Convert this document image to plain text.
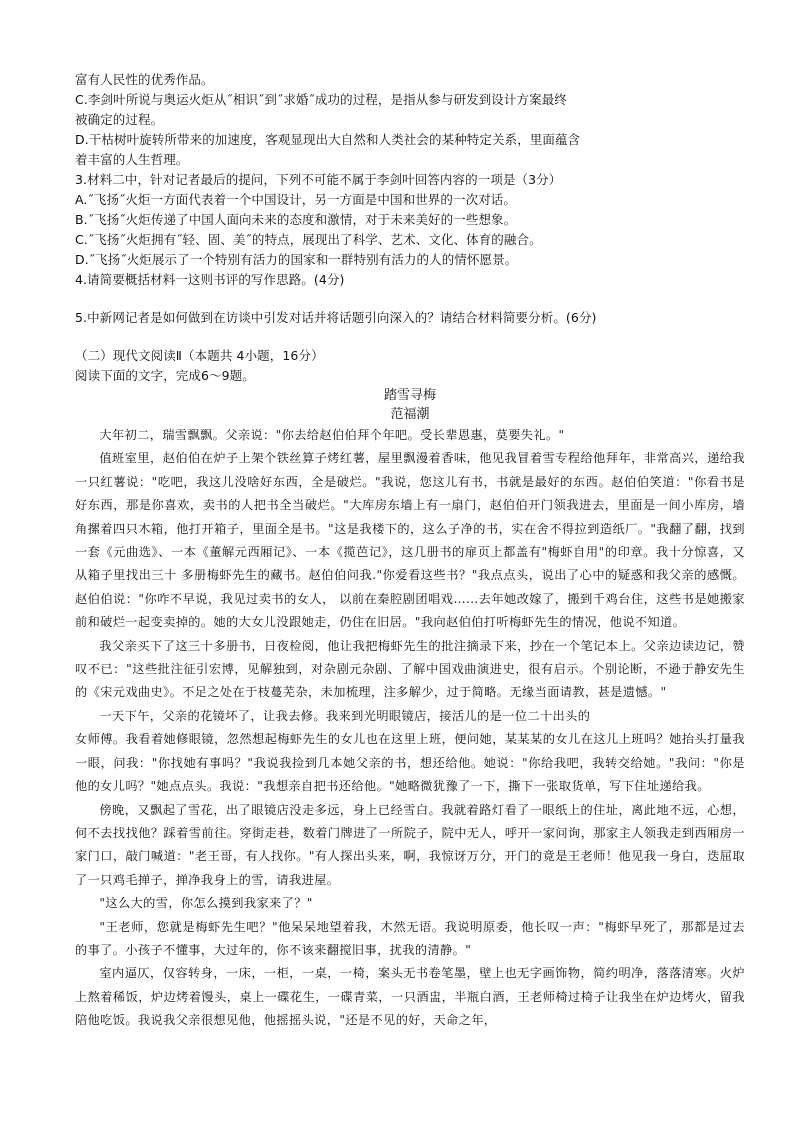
富有人民性的优秀作品。
C.李剑叶所说与奥运火炬从˝相识˝到˝求婚˝成功的过程，是指从参与研发到设计方案最终
被确定的过程。
D.干枯树叶旋转所带来的加速度，客观显现出大自然和人类社会的某种特定关系，里面蕴含
着丰富的人生哲理。
3.材料二中，针对记者最后的提问，下列不可能不属于李剑叶回答内容的一项是（3分）
A.˝飞扬˝火炬一方面代表着一个中国设计，另一方面是中国和世界的一次对话。
B.˝飞扬˝火炬传递了中国人面向未来的态度和激情，对于未来美好的一些想象。
C.˝飞扬˝火炬拥有˝轻、固、美˝的特点，展现出了科学、艺术、文化、体育的融合。
D.˝飞扬˝火炬展示了一个特别有活力的国家和一群特别有活力的人的情怀愿景。
4.请简要概括材料一这则书评的写作思路。(4分)
5.中新网记者是如何做到在访谈中引发对话并将话题引向深入的？请结合材料简要分析。(6分)
（二）现代文阅读Ⅱ（本题共 4小题，16分）
阅读下面的文字，完成6～9题。
踏雪寻梅
范福潮

大年初二，瑞雪飘飘。父亲说："你去给赵伯伯拜个年吧。受长辈恩惠，莫要失礼。"

值班室里，赵伯伯在炉子上架个铁丝算子烤红薯，屋里飘漫着香味，他见我冒着雪专程给他拜年，非常高兴，递给我一只红薯说："吃吧，我这儿没啥好东西，全是破烂。"我说，您这儿有书，书就是最好的东西。赵伯伯笑道："你看书是好东西，那是你喜欢，卖书的人把书全当破烂。"大库房东墙上有一扇门，赵伯伯开门领我进去，里面是一间小库房，墙角摞着四只木箱，他打开箱子，里面全是书。"这是我楼下的，这么子净的书，实在舍不得拉到造纸厂。"我翻了翻，找到一套《元曲选》、一本《董解元西厢记》、一本《揽芭记》，这几册书的扉页上都盖有"梅虾自用"的印章。我十分惊喜，又从箱子里找出三十 多册梅虾先生的藏书。赵伯伯问我."你爱看这些书？"我点点头，说出了心中的疑惑和我父亲的感慨。赵伯伯说："你咋不早说，我见过卖书的女人， 以前在秦腔剧团唱戏……去年她改嫁了，搬到千鸡台住，这些书是她搬家前和破烂一起变卖掉的。她的大女儿没跟她走，仍住在旧居。"我向赵伯伯打听梅虾先生的情况，他说不知道。

我父亲买下了这三十多册书，日夜检阅，他让我把梅虾先生的批注摘录下来，抄在一个笔记本上。父亲边读边记，赞叹不已："这些批注征引宏博，见解独到，对杂剧元杂剧、了解中国戏曲演进史，很有启示。个别论断，不逊于静安先生的《宋元戏曲史》。不足之处在于枝蔓芜杂，未加梳理，注多解少，过于简略。无缘当面请教，甚是遗憾。"

一天下午，父亲的花镜坏了，让我去修。我来到光明眼镜店，接活儿的是一位二十出头的

女师傅。我看着她修眼镜，忽然想起梅虾先生的女儿也在这里上班，便问她，某某某的女儿在这儿上班吗？她抬头打量我一眼，问我："你找她有事吗？"我说我捡到几本她父亲的书，想还给他。她说："你给我吧，我转交给她。"我问："你是他的女儿吗？"她点点头。我说："我想亲自把书还给他。"她略微犹豫了一下，撕下一张取货单，写下住址递给我。

傍晚，又飘起了雪花，出了眼镜店没走多远，身上已经雪白。我就着路灯看了一眼纸上的住址，离此地不远，心想，何不去找找他？踩着雪前往。穿街走巷，数着门牌进了一所院子，院中无人，呼开一家问询，那家主人领我走到西厢房一家门口，敲门喊道："老王哥，有人找你。"有人探出头来，啊，我惊讶万分，开门的竟是王老师！他见我一身白，迭屈取了一只鸡毛掸子，掸净我身上的雪，请我进屋。

"这么大的雪，你怎么摸到我家来了？"

"王老师，您就是梅虾先生吧？"他呆呆地望着我，木然无语。我说明原委，他长叹一声："梅虾早死了，那都是过去的事了。小孩子不懂事，大过年的，你不该来翻搅旧事，扰我的清静。"

室内逼仄，仅容转身，一床，一柜，一桌，一椅，案头无书卷笔墨，壁上也无字画饰物，简约明净，落落清寒。火炉上熬着稀饭，炉边烤着馒头，桌上一碟花生，一碟青菜，一只酒盅，半瓶白酒，王老师椅过椅子让我坐在炉边烤火，留我陪他吃饭。我说我父亲很想见他，他摇摇头说，"还是不见的好，天命之年，
